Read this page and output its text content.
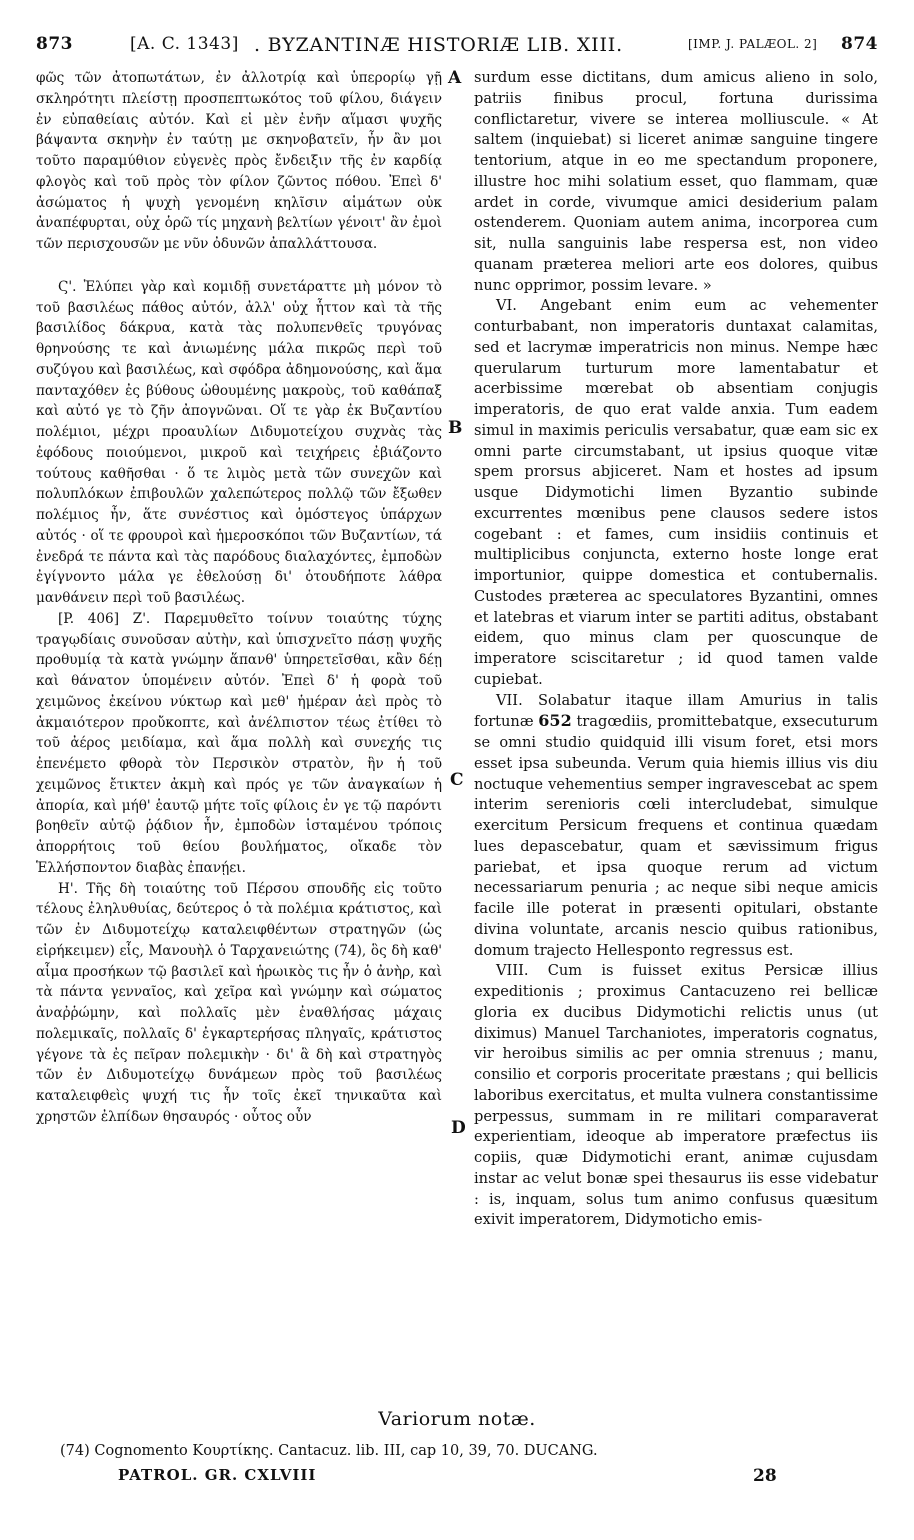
873	[A. C. 1343] . BYZANTINÆ HISTORIÆ LIB. XIII.	[IMP. J. PALÆOL. 2] 874
A
B
C
D

φῶς τῶν ἀτοπωτάτων, ἐν ἀλλοτρίᾳ καὶ ὑπερορίῳ γῇ σκληρότητι πλείστῃ προσπεπτωκότος τοῦ φίλου, διάγειν ἐν εὐπαθείαις αὐτόν. Καὶ εἰ μὲν ἐνῆν αἵμασι ψυχῆς βάψαντα σκηνὴν ἐν ταύτῃ με σκηνοβατεῖν, ἦν ἂν μοι τοῦτο παραμύθιον εὐγενὲς πρὸς ἔνδειξιν τῆς ἐν καρδίᾳ φλογὸς καὶ τοῦ πρὸς τὸν φίλον ζῶντος πόθου. Ἐπεὶ δ' ἀσώματος ἡ ψυχὴ γενομένη κηλῖσιν αἱμάτων οὐκ ἀναπέφυρται, οὐχ ὁρῶ τίς μηχανὴ βελτίων γένοιτ' ἂν ἐμοὶ τῶν περισχουσῶν με νῦν ὀδυνῶν ἀπαλλάττουσα.

Ϛ'. Ἐλύπει γὰρ καὶ κομιδῇ συνετάραττε μὴ μόνον τὸ τοῦ βασιλέως πάθος αὐτόν, ἀλλ' οὐχ ἧττον καὶ τὰ τῆς βασιλίδος δάκρυα, κατὰ τὰς πολυπενθεῖς τρυγόνας θρηνούσης τε καὶ ἀνιωμένης μάλα πικρῶς περὶ τοῦ συζύγου καὶ βασιλέως, καὶ σφόδρα ἀδημονούσης, καὶ ἅμα πανταχόθεν ἐς βύθους ὠθουμένης μακροὺς, τοῦ καθάπαξ καὶ αὐτό γε τὸ ζῆν ἀπογνῶναι. Οἵ τε γὰρ ἐκ Βυζαντίου πολέμιοι, μέχρι προαυλίων Διδυμοτείχου συχνὰς τὰς ἐφόδους ποιούμενοι, μικροῦ καὶ τειχήρεις ἐβιάζοντο τούτους καθῆσθαι · ὅ τε λιμὸς μετὰ τῶν συνεχῶν καὶ πολυπλόκων ἐπιβουλῶν χαλεπώτερος πολλῷ τῶν ἔξωθεν πολέμιος ἦν, ἅτε συνέστιος καὶ ὁμόστεγος ὑπάρχων αὐτός · οἵ τε φρουροὶ καὶ ἡμεροσκόποι τῶν Βυζαντίων, τά ἐνεδρά τε πάντα καὶ τὰς παρόδους διαλαχόντες, ἐμποδὼν ἐγίγνοντο μάλα γε ἐθελούσῃ δι' ὁτουδήποτε λάθρα μανθάνειν περὶ τοῦ βασιλέως.

[P. 406] Ζ'. Παρεμυθεῖτο τοίνυν τοιαύτης τύχης τραγῳδίαις συνοῦσαν αὐτὴν, καὶ ὑπισχνεῖτο πάσῃ ψυχῆς προθυμίᾳ τὰ κατὰ γνώμην ἅπανθ' ὑπηρετεῖσθαι, κἂν δέῃ καὶ θάνατον ὑπομένειν αὐτόν. Ἐπεὶ δ' ἡ φορὰ τοῦ χειμῶνος ἐκείνου νύκτωρ καὶ μεθ' ἡμέραν ἀεὶ πρὸς τὸ ἀκμαιότερον προὔκοπτε, καὶ ἀνέλπιστον τέως ἐτίθει τὸ τοῦ ἀέρος μειδίαμα, καὶ ἅμα πολλὴ καὶ συνεχής τις ἐπενέμετο φθορὰ τὸν Περσικὸν στρατὸν, ἣν ἡ τοῦ χειμῶνος ἔτικτεν ἀκμὴ καὶ πρός γε τῶν ἀναγκαίων ἡ ἀπορία, καὶ μήθ' ἑαυτῷ μήτε τοῖς φίλοις ἐν γε τῷ παρόντι βοηθεῖν αὐτῷ ῥᾴδιον ἦν, ἐμποδὼν ἱσταμένου τρόποις ἀπορρήτοις τοῦ θείου βουλήματος, οἴκαδε τὸν Ἑλλήσποντον διαβὰς ἐπανῄει.

Η'. Τῆς δὴ τοιαύτης τοῦ Πέρσου σπουδῆς εἰς τοῦτο τέλους ἐληλυθυίας, δεύτερος ὁ τὰ πολέμια κράτιστος, καὶ τῶν ἐν Διδυμοτείχῳ καταλειφθέντων στρατηγῶν (ὡς εἰρήκειμεν) εἷς, Μανουὴλ ὁ Ταρχανειώτης (74), ὃς δὴ καθ' αἷμα προσήκων τῷ βασιλεῖ καὶ ἡρωικὸς τις ἦν ὁ ἀνὴρ, καὶ τὰ πάντα γενναῖος, καὶ χεῖρα καὶ γνώμην καὶ σώματος ἀναῤῥώμην, καὶ πολλαῖς μὲν ἐναθλήσας μάχαις πολεμικαῖς, πολλαῖς δ' ἐγκαρτερήσας πληγαῖς, κράτιστος γέγονε τὰ ἐς πεῖραν πολεμικὴν · δι' ἃ δὴ καὶ στρατηγὸς τῶν ἐν Διδυμοτείχῳ δυνάμεων πρὸς τοῦ βασιλέως καταλειφθεὶς ψυχή τις ἦν τοῖς ἐκεῖ τηνικαῦτα καὶ χρηστῶν ἐλπίδων θησαυρός · οὗτος οὖν

surdum esse dictitans, dum amicus alieno in solo, patriis finibus procul, fortuna durissima conflictaretur, vivere se interea molliuscule. « At saltem (inquiebat) si liceret animæ sanguine tingere tentorium, atque in eo me spectandum proponere, illustre hoc mihi solatium esset, quo flammam, quæ ardet in corde, vivumque amici desiderium palam ostenderem. Quoniam autem anima, incorporea cum sit, nulla sanguinis labe respersa est, non video quanam præterea meliori arte eos dolores, quibus nunc opprimor, possim levare. »

VI. Angebant enim eum ac vehementer conturbabant, non imperatoris duntaxat calamitas, sed et lacrymæ imperatricis non minus. Nempe hæc querularum turturum more lamentabatur et acerbissime mœrebat ob absentiam conjugis imperatoris, de quo erat valde anxia. Tum eadem simul in maximis periculis versabatur, quæ eam sic ex omni parte circumstabant, ut ipsius quoque vitæ spem prorsus abjiceret. Nam et hostes ad ipsum usque Didymotichi limen Byzantio subinde excurrentes mœnibus pene clausos sedere istos cogebant : et fames, cum insidiis continuis et multiplicibus conjuncta, externo hoste longe erat importunior, quippe domestica et contubernalis. Custodes præterea ac speculatores Byzantini, omnes et latebras et viarum inter se partiti aditus, obstabant eidem, quo minus clam per quoscunque de imperatore sciscitaretur ; id quod tamen valde cupiebat.

VII. Solabatur itaque illam Amurius in talis fortunæ 652 tragœdiis, promittebatque, exsecuturum se omni studio quidquid illi visum foret, etsi mors esset ipsa subeunda. Verum quia hiemis illius vis diu noctuque vehementius semper ingravescebat ac spem interim serenioris cœli intercludebat, simulque exercitum Persicum frequens et continua quædam lues depascebatur, quam et sævissimum frigus pariebat, et ipsa quoque rerum ad victum necessariarum penuria ; ac neque sibi neque amicis facile ille poterat in præsenti opitulari, obstante divina voluntate, arcanis nescio quibus rationibus, domum trajecto Hellesponto regressus est.

VIII. Cum is fuisset exitus Persicæ illius expeditionis ; proximus Cantacuzeno rei bellicæ gloria ex ducibus Didymotichi relictis unus (ut diximus) Manuel Tarchaniotes, imperatoris cognatus, vir heroibus similis ac per omnia strenuus ; manu, consilio et corporis proceritate præstans ; qui bellicis laboribus exercitatus, et multa vulnera constantissime perpessus, summam in re militari comparaverat experientiam, ideoque ab imperatore præfectus iis copiis, quæ Didymotichi erant, animæ cujusdam instar ac velut bonæ spei thesaurus iis esse videbatur : is, inquam, solus tum animo confusus quæsitum exivit imperatorem, Didymoticho emis-

Variorum notæ.
(74) Cognomento Κουρτίκης. Cantacuz. lib. III, cap 10, 39, 70. DUCANG.
PATROL. GR. CXLVIII	28
